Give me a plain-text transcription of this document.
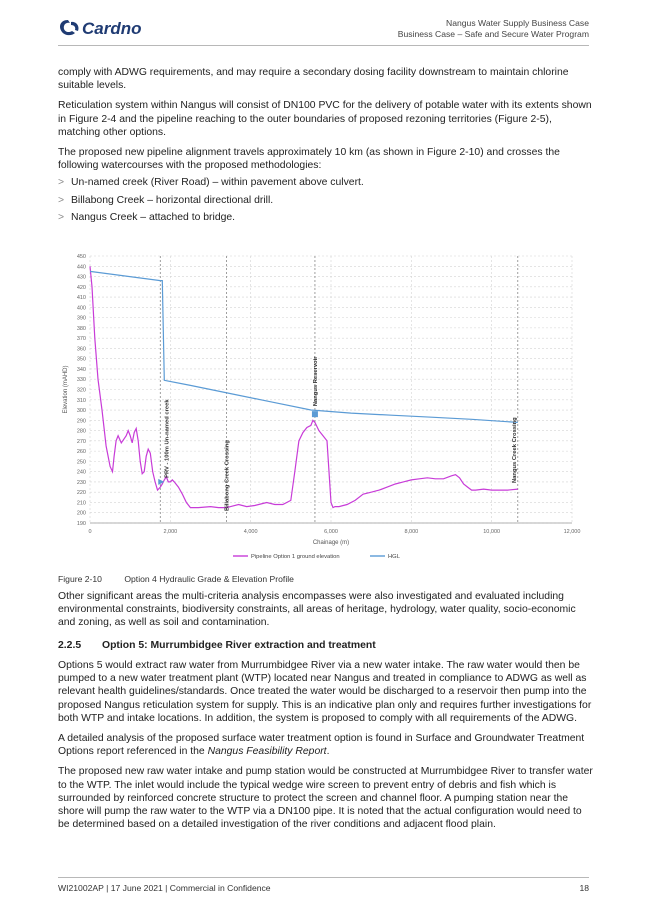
Cardno	Nangus Water Supply Business Case
Business Case – Safe and Secure Water Program

comply with ADWG requirements, and may require a secondary dosing facility downstream to maintain chlorine suitable levels.

Reticulation system within Nangus will consist of DN100 PVC for the delivery of potable water with its extents shown in Figure 2-4 and the pipeline reaching to the outer boundaries of proposed rezoning territories (Figure 2-5), matching other options.

The proposed new pipeline alignment travels approximately 10 km (as shown in Figure 2-10) and crosses the following watercourses with the proposed methodologies:

> Un-named creek (River Road) – within pavement above culvert.
> Billabong Creek – horizontal directional drill.
> Nangus Creek – attached to bridge.
190
200
210
220
230
240
250
260
270
280
290
300
310
320
330
340
350
360
370
380
390
400
410
420
430
440
450
0	2,000	4,000	6,000	8,000	10,000	12,000
Chainage (m)
Elevation (mAHD)	Nangus Reservoir
Billabong Creek Crossing	Nangus Creek Crossing
PRV - 100m Un-named creek
Pipeline Option 1 ground elevation	HGL
Figure 2-10	Option 4 Hydraulic Grade & Elevation Profile

Other significant areas the multi-criteria analysis encompasses were also investigated and evaluated including environmental constraints, biodiversity constraints, all areas of heritage, hydrology, water quality, socio-economic and zoning, as well as soil and contamination.

2.2.5 Option 5: Murrumbidgee River extraction and treatment

Options 5 would extract raw water from Murrumbidgee River via a new water intake. The raw water would then be pumped to a new water treatment plant (WTP) located near Nangus and treated in compliance to ADWG as well as relevant health guidelines/standards. Once treated the water would be discharged to a reservoir then pump into the proposed Nangus reticulation system for supply. This is an indicative plan only and requires further investigations for both WTP and intake locations. In addition, the system is proposed to comply with all requirements of the ADWG.

A detailed analysis of the proposed surface water treatment option is found in Surface and Groundwater Treatment Options report referenced in the Nangus Feasibility Report.

The proposed new raw water intake and pump station would be constructed at Murrumbidgee River to transfer water to the WTP. The inlet would include the typical wedge wire screen to prevent entry of debris and fish which is surrounded by reinforced concrete structure to protect the screen and channel floor. A pumping station near the shore will pump the raw water to the WTP via a DN100 pipe. It is noted that the actual configuration would need to be determined based on a detailed investigation of the river conditions and adjacent flood plain.

WI21002AP | 17 June 2021 | Commercial in Confidence	18
